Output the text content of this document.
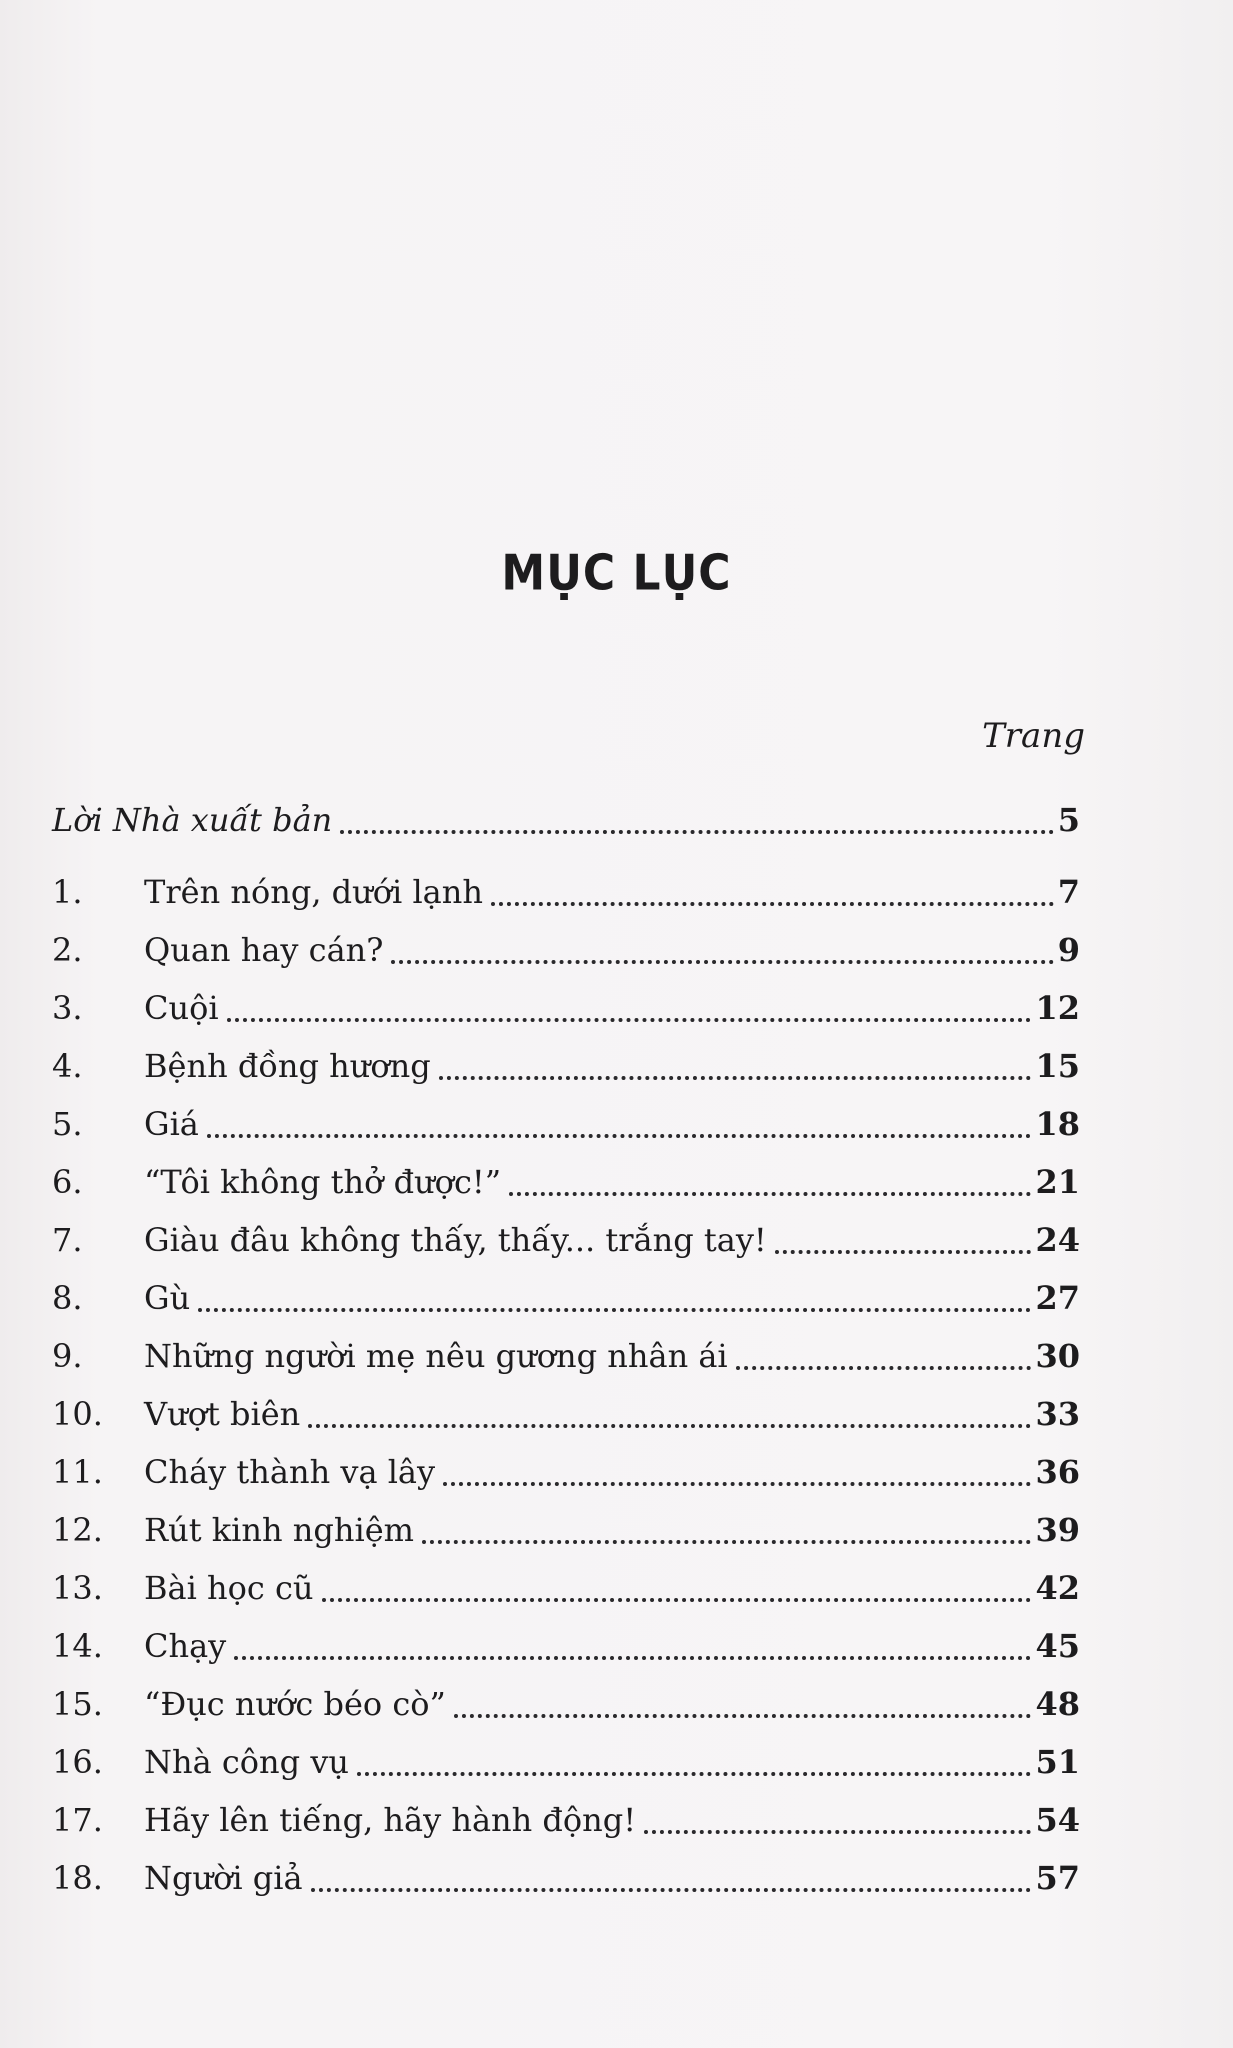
MỤC LỤC
Trang
Lời Nhà xuất bản	5
1.	Trên nóng, dưới lạnh	7
2.	Quan hay cán?	9
3.	Cuội	12
4.	Bệnh đồng hương	15
5.	Giá	18
6.	“Tôi không thở được!”	21
7.	Giàu đâu không thấy, thấy... trắng tay!	24
8.	Gù	27
9.	Những người mẹ nêu gương nhân ái	30
10.	Vượt biên	33
11.	Cháy thành vạ lây	36
12.	Rút kinh nghiệm	39
13.	Bài học cũ	42
14.	Chạy	45
15.	“Đục nước béo cò”	48
16.	Nhà công vụ	51
17.	Hãy lên tiếng, hãy hành động!	54
18.	Người giả	57
